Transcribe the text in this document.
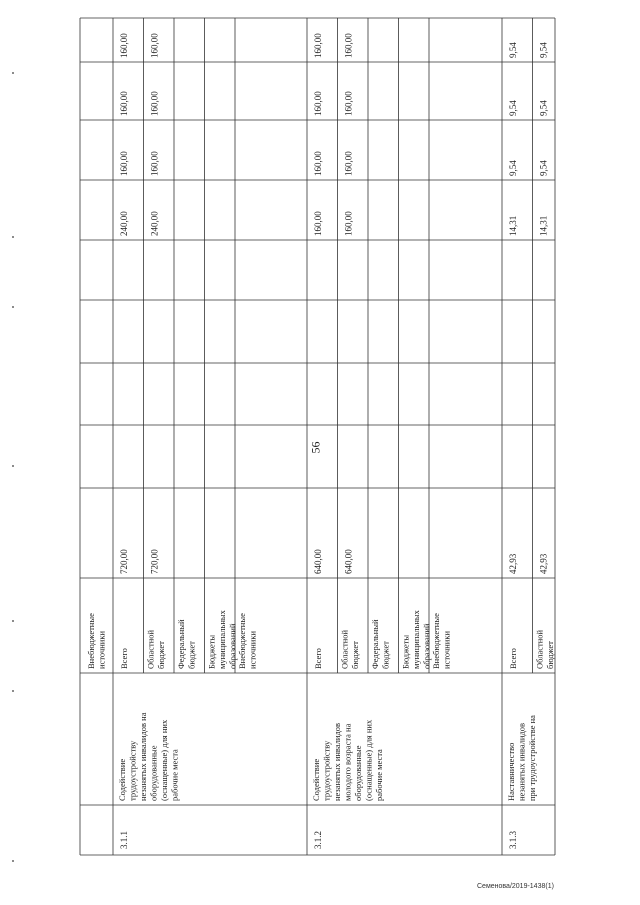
56
Внебюджетныеисточники
3.1.1
Содействиетрудоустройствунезанятых инвалидов наоборудованные(оснащенные) для нихрабочие места
Всего
720,00
240,00
160,00
160,00
160,00
Областнойбюджет
720,00
240,00
160,00
160,00
160,00
Федеральныйбюджет Бюджетымуниципальныхобразований Внебюджетныеисточники
3.1.2
Содействиетрудоустройствунезанятых инвалидовмолодого возраста наоборудованные(оснащенные) для нихрабочие места
Всего
640,00
160,00
160,00
160,00
160,00
Областнойбюджет
640,00
160,00
160,00
160,00
160,00
Федеральныйбюджет Бюджетымуниципальныхобразований Внебюджетныеисточники
3.1.3
Наставничествонезанятых инвалидовпри трудоустройстве на
Всего
42,93
14,31
9,54
9,54
9,54
Областнойбюджет
42,93
14,31
9,54
9,54
9,54
Семенова/2019-1438(1)
